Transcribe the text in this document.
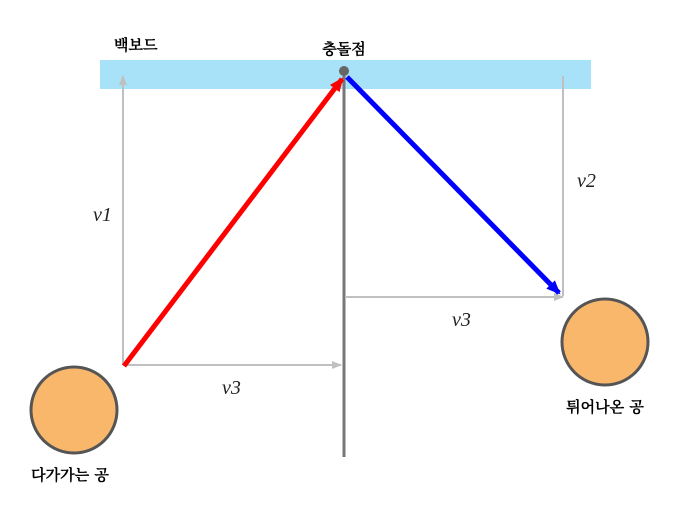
백보드	충돌점
v1
v2
v3
v3
다가가는 공
튀어나온 공
